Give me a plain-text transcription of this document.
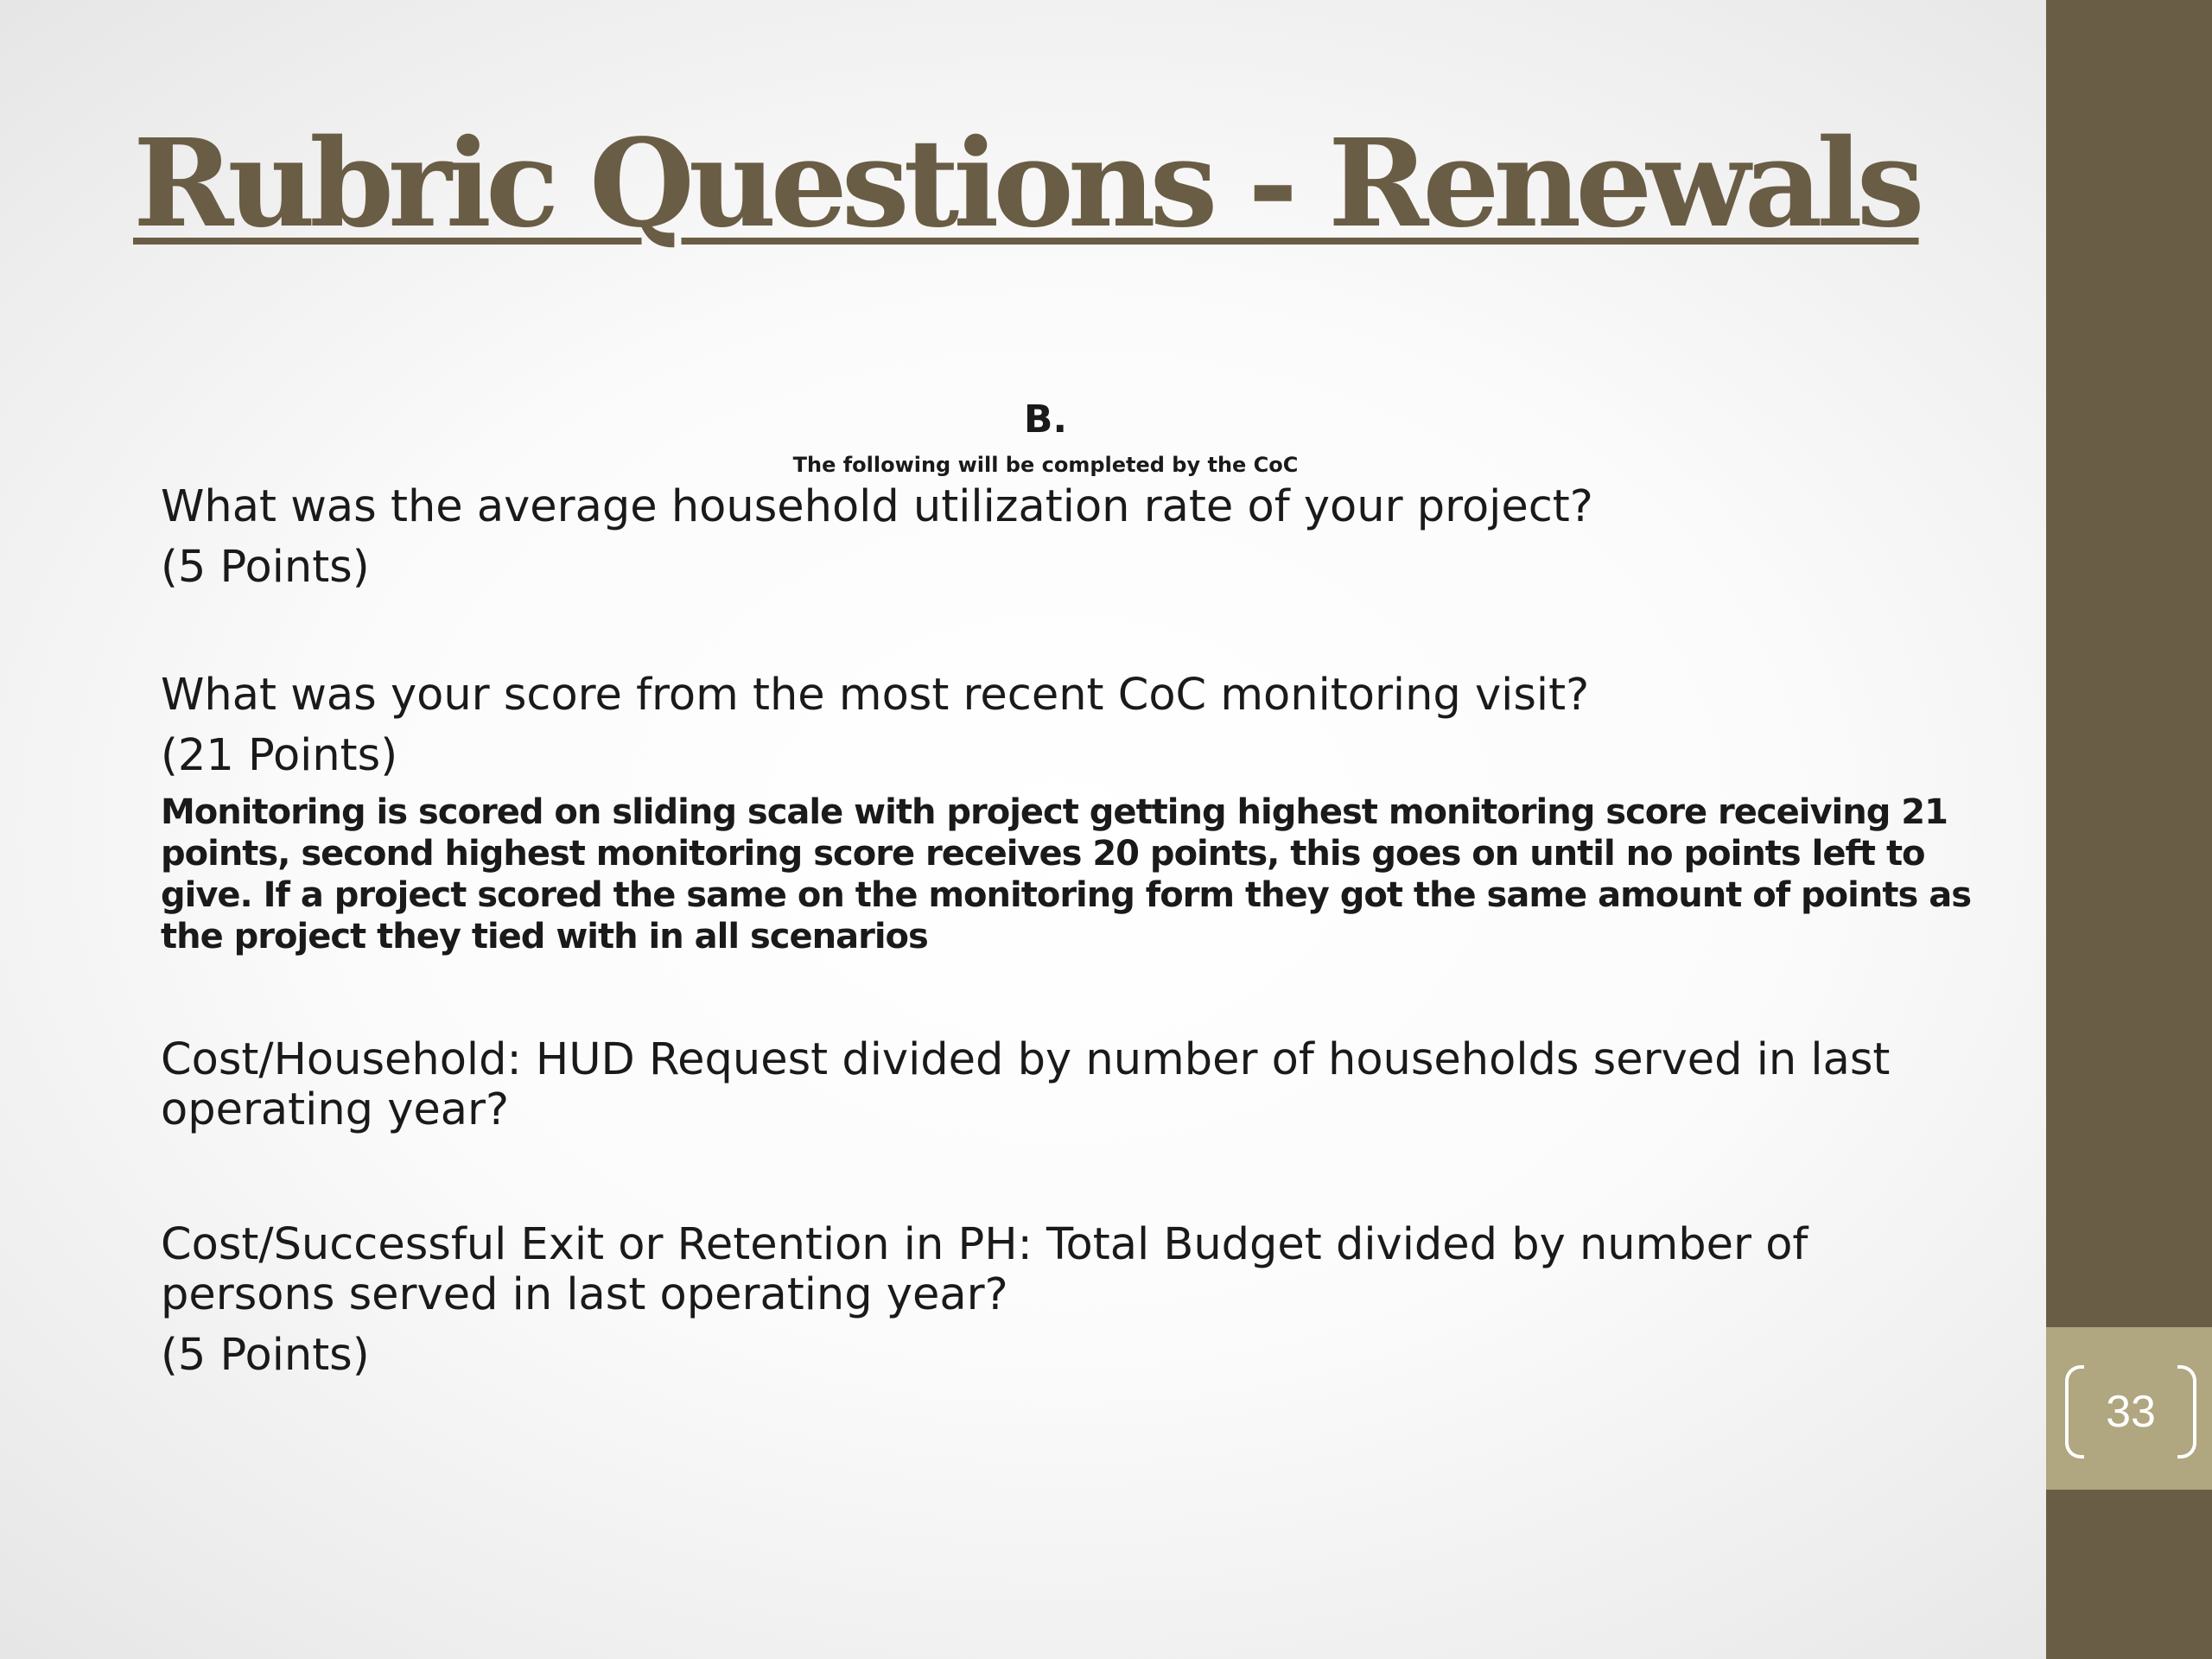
Rubric Questions - Renewals
B.
The following will be completed by the CoC

What was the average household utilization rate of your project?

(5 Points)

What was your score from the most recent CoC monitoring visit?

(21 Points)

Monitoring is scored on sliding scale with project getting highest monitoring score receiving 21 points, second highest monitoring score receives 20 points, this goes on until no points left to give. If a project scored the same on the monitoring form they got the same amount of points as the project they tied with in all scenarios

Cost/Household: HUD Request divided by number of households served in last operating year?

Cost/Successful Exit or Retention in PH: Total Budget divided by number of persons served in last operating year?

(5 Points)

33
